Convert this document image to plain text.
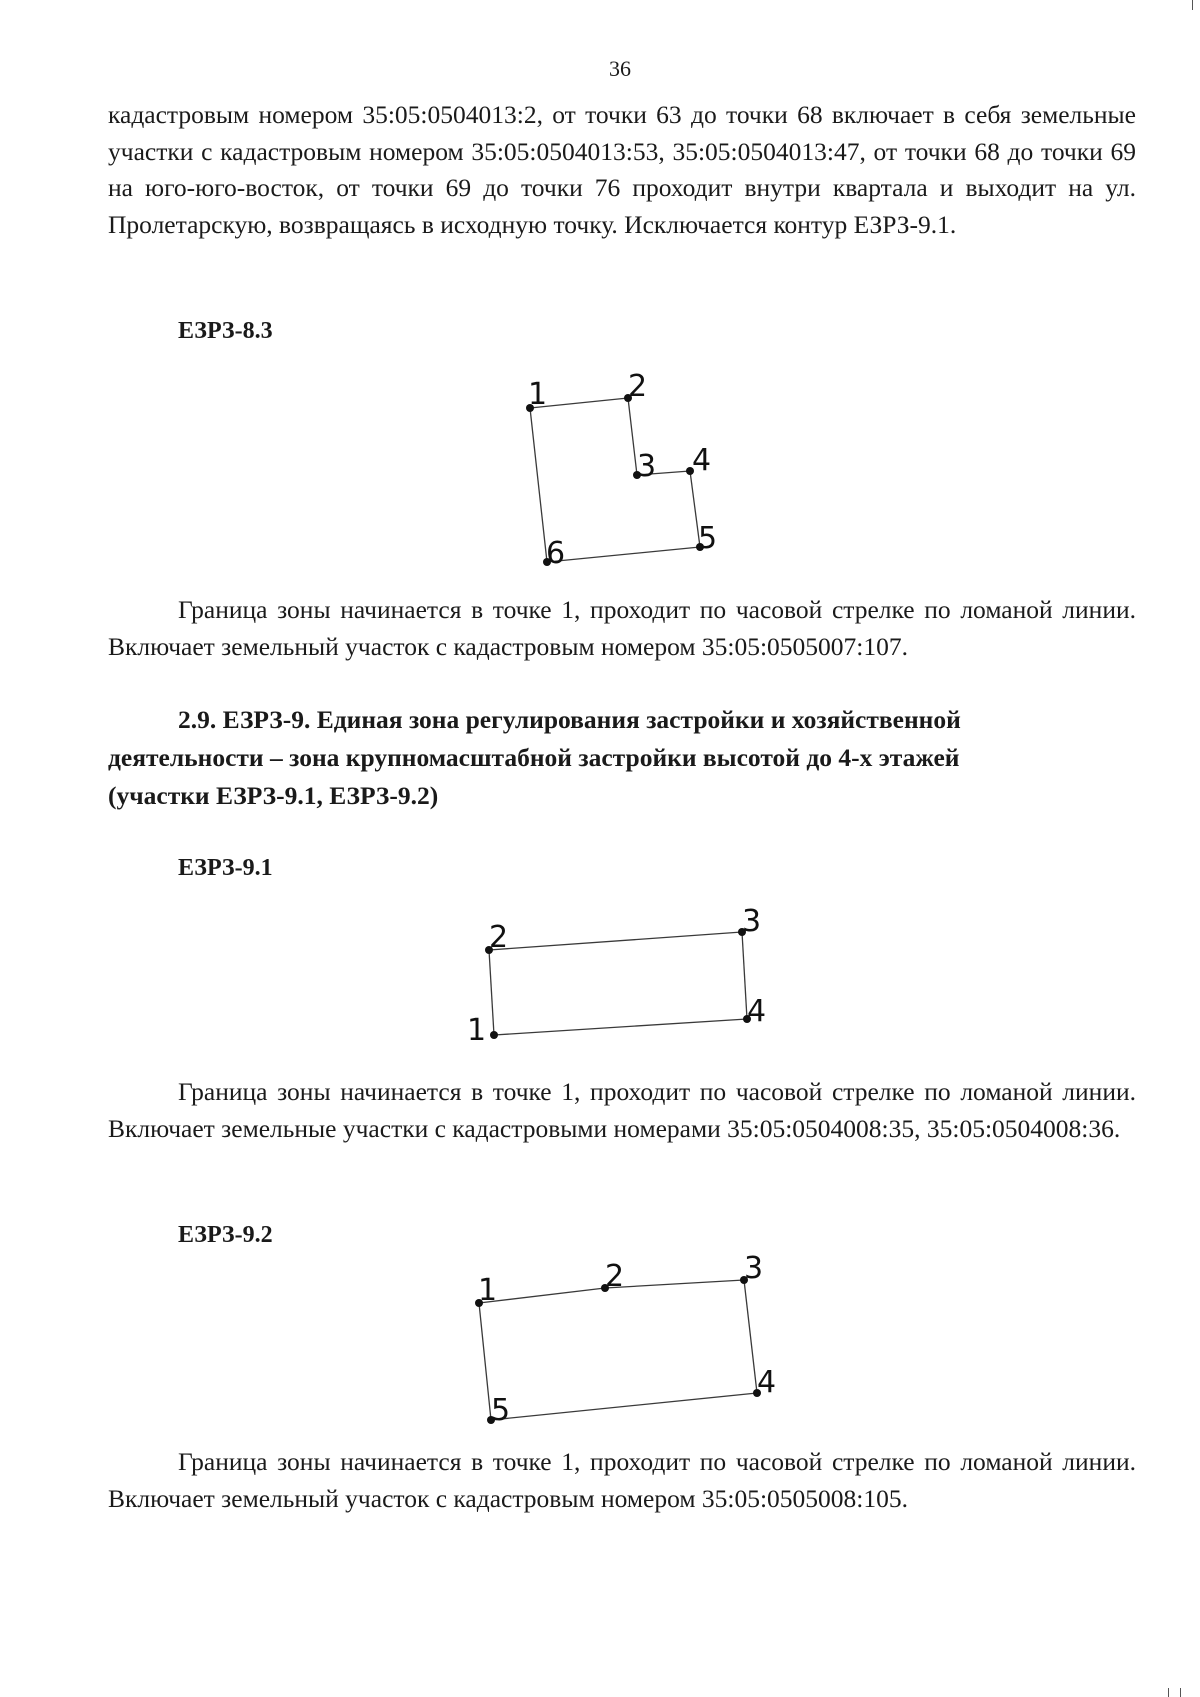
36

кадастровым номером 35:05:0504013:2, от точки 63 до точки 68 включает в себя земельные участки с кадастровым номером 35:05:0504013:53, 35:05:0504013:47, от точки 68 до точки 69 на юго-юго-восток, от точки 69 до точки 76 проходит внутри квартала и выходит на ул. Пролетарскую, возвращаясь в исходную точку. Исключается контур ЕЗРЗ-9.1.

ЕЗРЗ-8.3
1	2
3 4
5
6

Граница зоны начинается в точке 1, проходит по часовой стрелке по ломаной линии. Включает земельный участок с кадастровым номером 35:05:0505007:107.

2.9. ЕЗРЗ-9. Единая зона регулирования застройки и хозяйственной

деятельности – зона крупномасштабной застройки высотой до 4-х этажей

(участки ЕЗРЗ-9.1, ЕЗРЗ-9.2)

ЕЗРЗ-9.1
1
2	3
4

Граница зоны начинается в точке 1, проходит по часовой стрелке по ломаной линии. Включает земельные участки с кадастровыми номерами 35:05:0504008:35, 35:05:0504008:36.

ЕЗРЗ-9.2
1	2	3
4
5

Граница зоны начинается в точке 1, проходит по часовой стрелке по ломаной линии. Включает земельный участок с кадастровым номером 35:05:0505008:105.
